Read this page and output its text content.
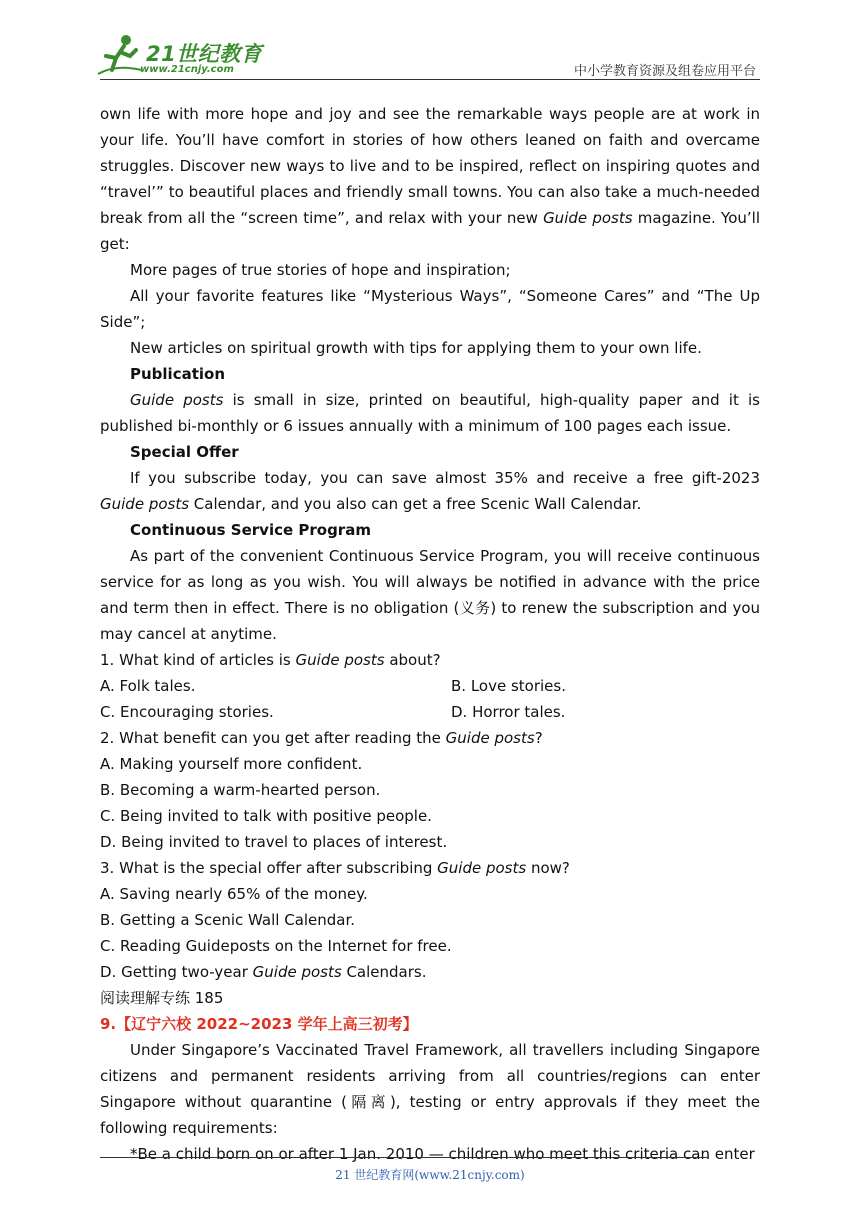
21世纪教育
www.21cnjy.com	中小学教育资源及组卷应用平台

own life with more hope and joy and see the remarkable ways people are at work in your life. You’ll have comfort in stories of how others leaned on faith and overcame struggles. Discover new ways to live and to be inspired, reflect on inspiring quotes and “travel’” to beautiful places and friendly small towns. You can also take a much-needed break from all the “screen time”, and relax with your new Guide posts magazine. You’ll get:

More pages of true stories of hope and inspiration;

All your favorite features like “Mysterious Ways”, “Someone Cares” and “The Up Side”;

New articles on spiritual growth with tips for applying them to your own life.

Publication

Guide posts is small in size, printed on beautiful, high-quality paper and it is published bi-monthly or 6 issues annually with a minimum of 100 pages each issue.

Special Offer

If you subscribe today, you can save almost 35% and receive a free gift-2023 Guide posts Calendar, and you also can get a free Scenic Wall Calendar.

Continuous Service Program

As part of the convenient Continuous Service Program, you will receive continuous service for as long as you wish. You will always be notified in advance with the price and term then in effect. There is no obligation (义务) to renew the subscription and you may cancel at anytime.

1. What kind of articles is Guide posts about?

A. Folk tales.	B. Love stories.
C. Encouraging stories.	D. Horror tales.

2. What benefit can you get after reading the Guide posts?

A. Making yourself more confident.

B. Becoming a warm-hearted person.

C. Being invited to talk with positive people.

D. Being invited to travel to places of interest.

3. What is the special offer after subscribing Guide posts now?

A. Saving nearly 65% of the money.

B. Getting a Scenic Wall Calendar.

C. Reading Guideposts on the Internet for free.

D. Getting two-year Guide posts Calendars.

阅读理解专练 185

9.【辽宁六校 2022~2023 学年上高三初考】

Under Singapore’s Vaccinated Travel Framework, all travellers including Singapore citizens and permanent residents arriving from all countries/regions can enter Singapore without quarantine (隔离), testing or entry approvals if they meet the following requirements:

*Be a child born on or after 1 Jan. 2010 — children who meet this criteria can enter

21 世纪教育网(www.21cnjy.com)
